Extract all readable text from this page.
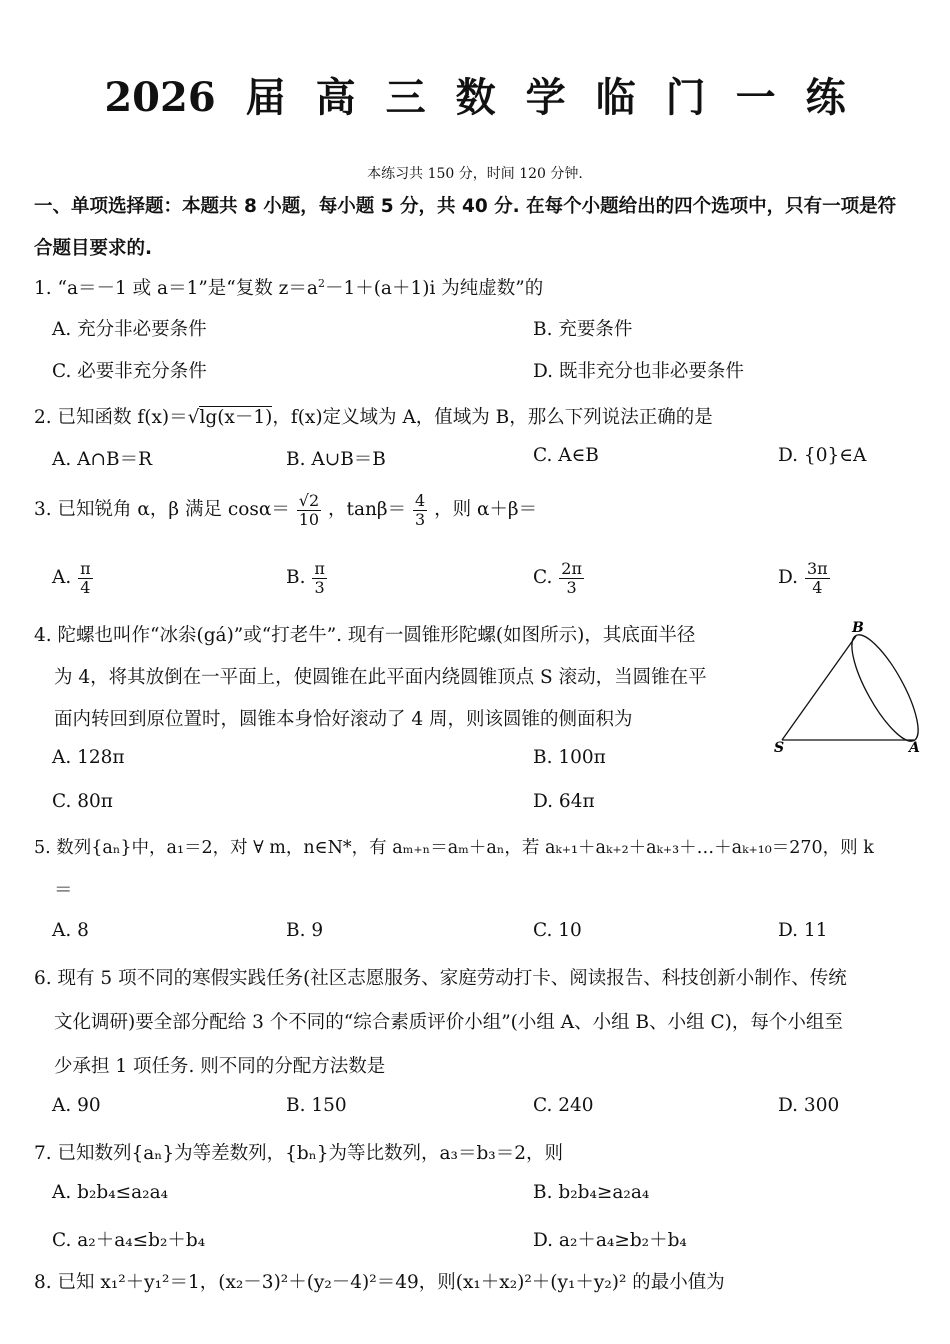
2026 届 高 三 数 学 临 门 一 练
本练习共 150 分，时间 120 分钟.
一、单项选择题：本题共 8 小题，每小题 5 分，共 40 分. 在每个小题给出的四个选项中，只有一项是符
合题目要求的.
1. “a＝－1 或 a＝1”是“复数 $z=a^2-1+(a+1)i$ 为纯虚数”的
A. 充分非必要条件	B. 充要条件
C. 必要非充分条件	D. 既非充分也非必要条件
2. 已知函数 f(x)＝√lg(x－1)，f(x)定义域为 A，值域为 B，那么下列说法正确的是
A. A∩B＝R	B. A∪B＝B	C. A∈B	D. {0}∈A
3. 已知锐角 α，β 满足 $\cos\alpha= \frac{√2}{10}$ ，$\tan\beta= \frac{4}{3}$ ，则 α＋β＝
A. $\frac{\pi}{4}$	B. $\frac{\pi}{3}$	C. $\frac{2\pi}{3}$	D. $\frac{3\pi}{4}$
4. 陀螺也叫作“冰尜(gá)”或“打老牛”. 现有一圆锥形陀螺(如图所示)，其底面半径
为 4，将其放倒在一平面上，使圆锥在此平面内绕圆锥顶点 S 滚动，当圆锥在平
面内转回到原位置时，圆锥本身恰好滚动了 4 周，则该圆锥的侧面积为
A. 128π	B. 100π
C. 80π	D. 64π
B
S	A
5. 数列{aₙ}中，a₁＝2，对 ∀ m，n∈N*，有 aₘ₊ₙ＝aₘ＋aₙ，若 aₖ₊₁＋aₖ₊₂＋aₖ₊₃＋…＋aₖ₊₁₀＝270，则 k
＝
A. 8	B. 9	C. 10	D. 11
6. 现有 5 项不同的寒假实践任务(社区志愿服务、家庭劳动打卡、阅读报告、科技创新小制作、传统
文化调研)要全部分配给 3 个不同的“综合素质评价小组”(小组 A、小组 B、小组 C)，每个小组至
少承担 1 项任务. 则不同的分配方法数是
A. 90	B. 150	C. 240	D. 300
7. 已知数列{aₙ}为等差数列，{bₙ}为等比数列，a₃＝b₃＝2，则
A. b₂b₄≤a₂a₄	B. b₂b₄≥a₂a₄
C. a₂＋a₄≤b₂＋b₄	D. a₂＋a₄≥b₂＋b₄
8. 已知 x₁²＋y₁²＝1，(x₂－3)²＋(y₂－4)²＝49，则(x₁＋x₂)²＋(y₁＋y₂)² 的最小值为
